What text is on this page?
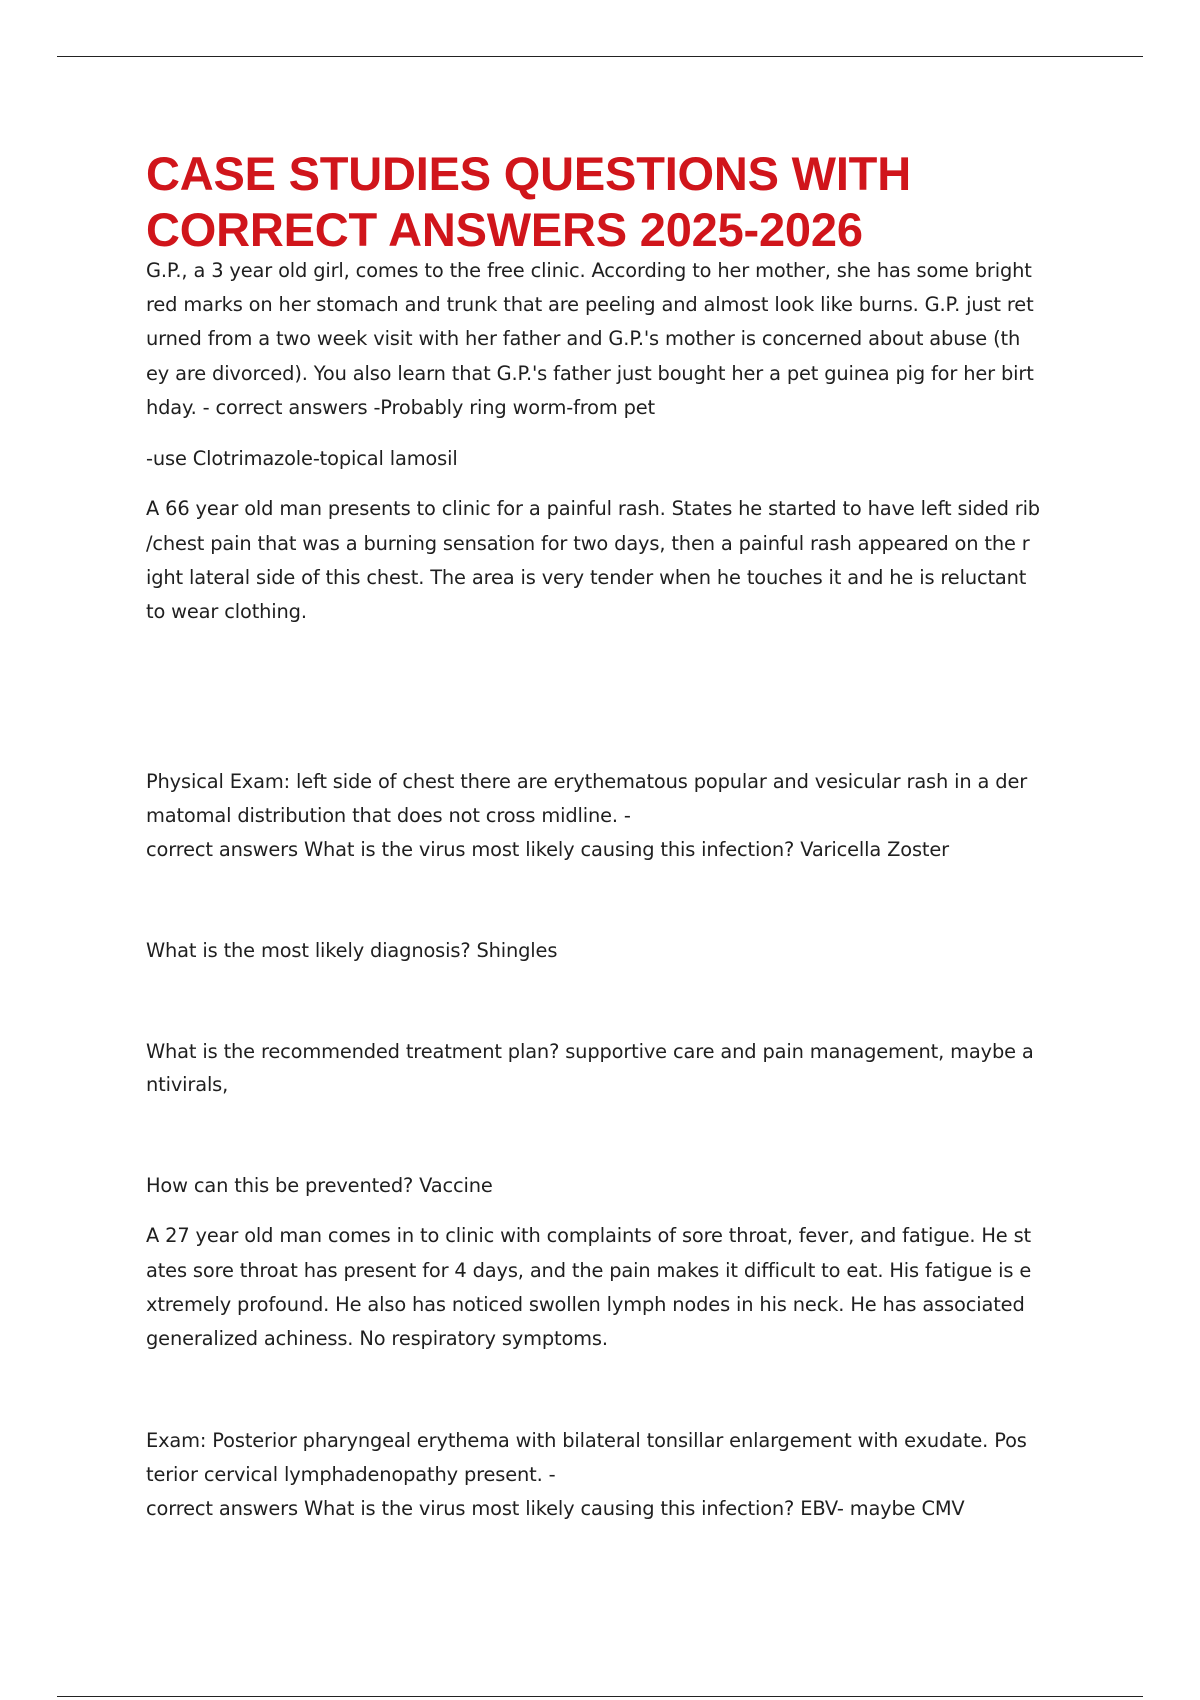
CASE STUDIES QUESTIONS WITH
CORRECT ANSWERS 2025-2026
G.P., a 3 year old girl, comes to the free clinic. According to her mother, she has some bright
red marks on her stomach and trunk that are peeling and almost look like burns. G.P. just ret
urned from a two week visit with her father and G.P.'s mother is concerned about abuse (th
ey are divorced). You also learn that G.P.'s father just bought her a pet guinea pig for her birt
hday. - correct answers -Probably ring worm-from pet
-use Clotrimazole-topical lamosil
A 66 year old man presents to clinic for a painful rash. States he started to have left sided rib
/chest pain that was a burning sensation for two days, then a painful rash appeared on the r
ight lateral side of this chest. The area is very tender when he touches it and he is reluctant
to wear clothing.
Physical Exam: left side of chest there are erythematous popular and vesicular rash in a der
matomal distribution that does not cross midline. -
correct answers What is the virus most likely causing this infection? Varicella Zoster
What is the most likely diagnosis? Shingles
What is the recommended treatment plan? supportive care and pain management, maybe a
ntivirals,
How can this be prevented? Vaccine
A 27 year old man comes in to clinic with complaints of sore throat, fever, and fatigue. He st
ates sore throat has present for 4 days, and the pain makes it difficult to eat. His fatigue is e
xtremely profound. He also has noticed swollen lymph nodes in his neck. He has associated
generalized achiness. No respiratory symptoms.
Exam: Posterior pharyngeal erythema with bilateral tonsillar enlargement with exudate. Pos
terior cervical lymphadenopathy present. -
correct answers What is the virus most likely causing this infection? EBV- maybe CMV
